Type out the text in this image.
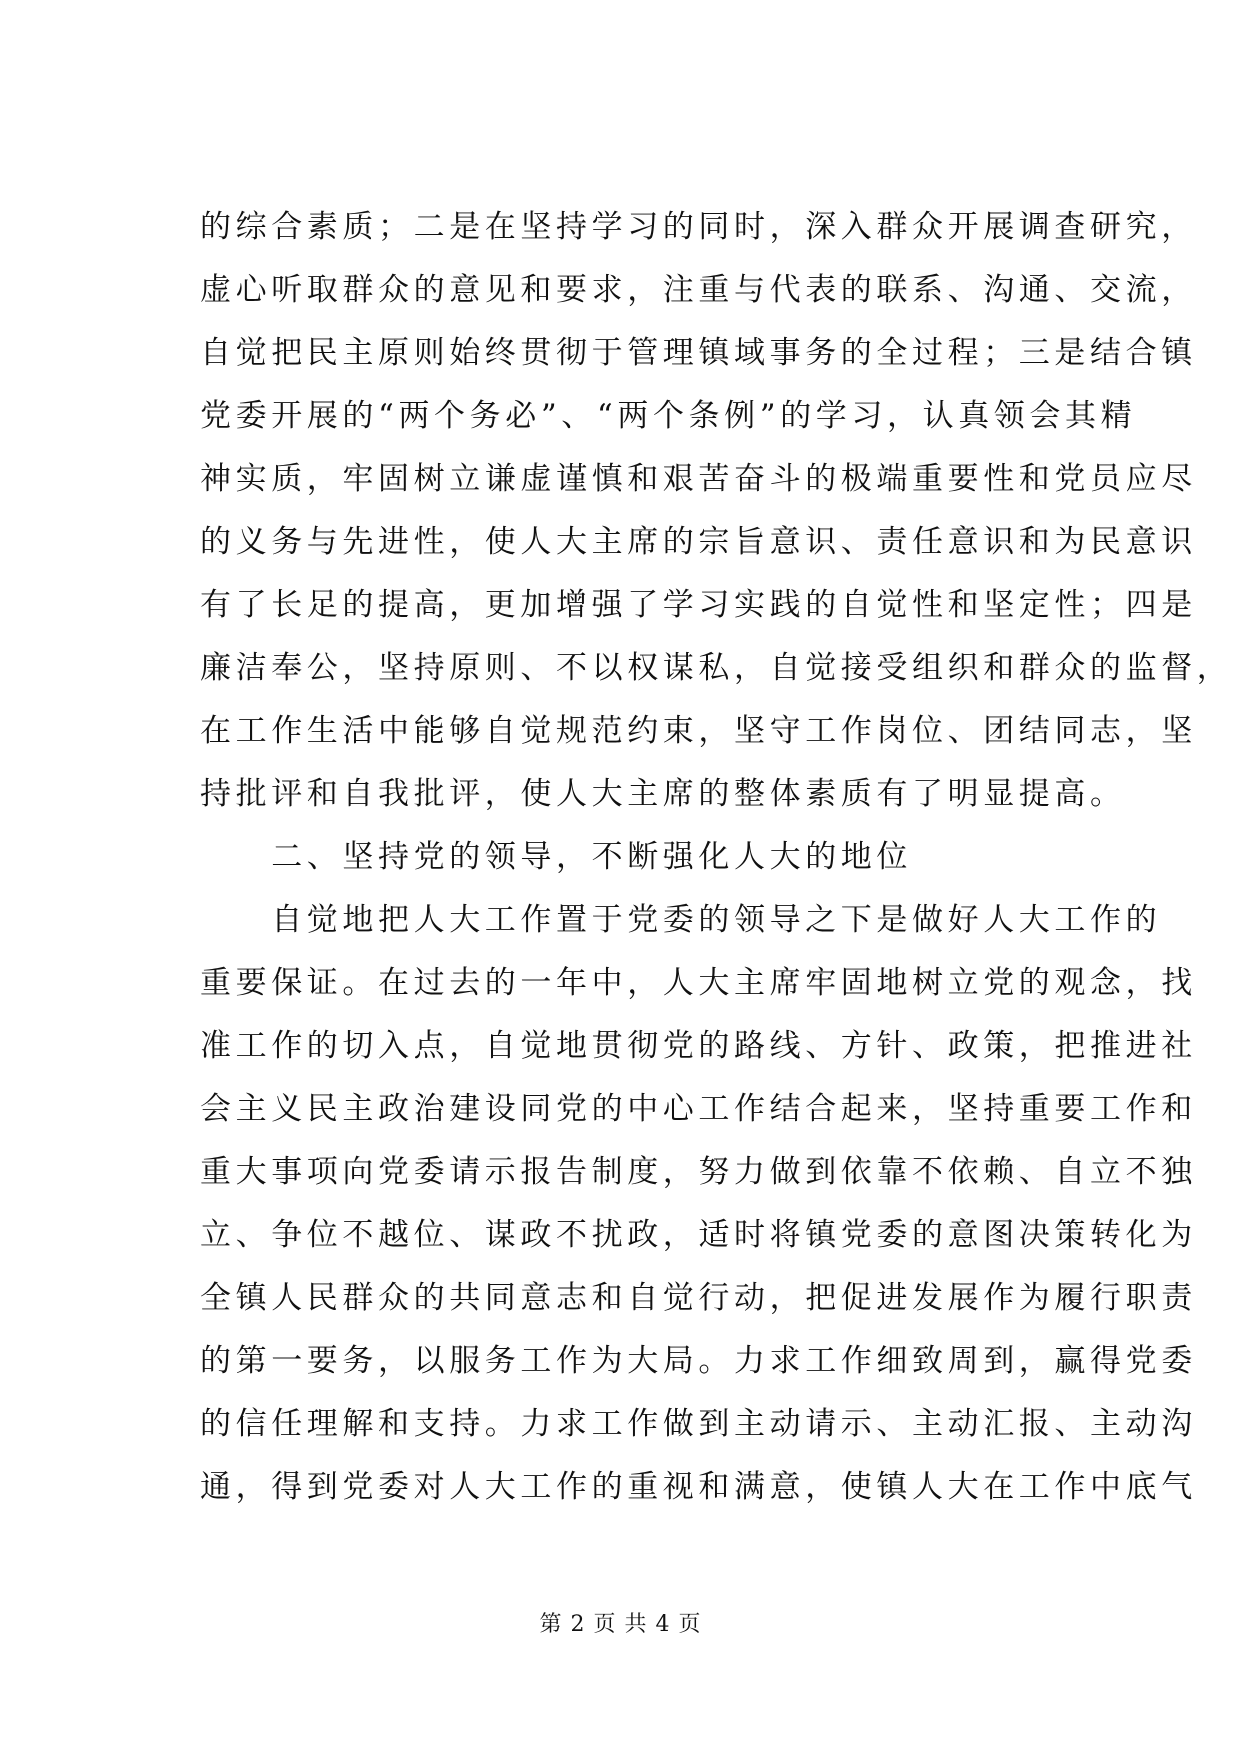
的综合素质；二是在坚持学习的同时，深入群众开展调查研究，
虚心听取群众的意见和要求，注重与代表的联系、沟通、交流，
自觉把民主原则始终贯彻于管理镇域事务的全过程；三是结合镇
党委开展的“两个务必”、“两个条例”的学习，认真领会其精
神实质，牢固树立谦虚谨慎和艰苦奋斗的极端重要性和党员应尽
的义务与先进性，使人大主席的宗旨意识、责任意识和为民意识
有了长足的提高，更加增强了学习实践的自觉性和坚定性；四是
廉洁奉公，坚持原则、不以权谋私，自觉接受组织和群众的监督，
在工作生活中能够自觉规范约束，坚守工作岗位、团结同志，坚
持批评和自我批评，使人大主席的整体素质有了明显提高。
　　二、坚持党的领导，不断强化人大的地位
　　自觉地把人大工作置于党委的领导之下是做好人大工作的
重要保证。在过去的一年中，人大主席牢固地树立党的观念，找
准工作的切入点，自觉地贯彻党的路线、方针、政策，把推进社
会主义民主政治建设同党的中心工作结合起来，坚持重要工作和
重大事项向党委请示报告制度，努力做到依靠不依赖、自立不独
立、争位不越位、谋政不扰政，适时将镇党委的意图决策转化为
全镇人民群众的共同意志和自觉行动，把促进发展作为履行职责
的第一要务，以服务工作为大局。力求工作细致周到，赢得党委
的信任理解和支持。力求工作做到主动请示、主动汇报、主动沟
通，得到党委对人大工作的重视和满意，使镇人大在工作中底气
第 2 页 共 4 页
